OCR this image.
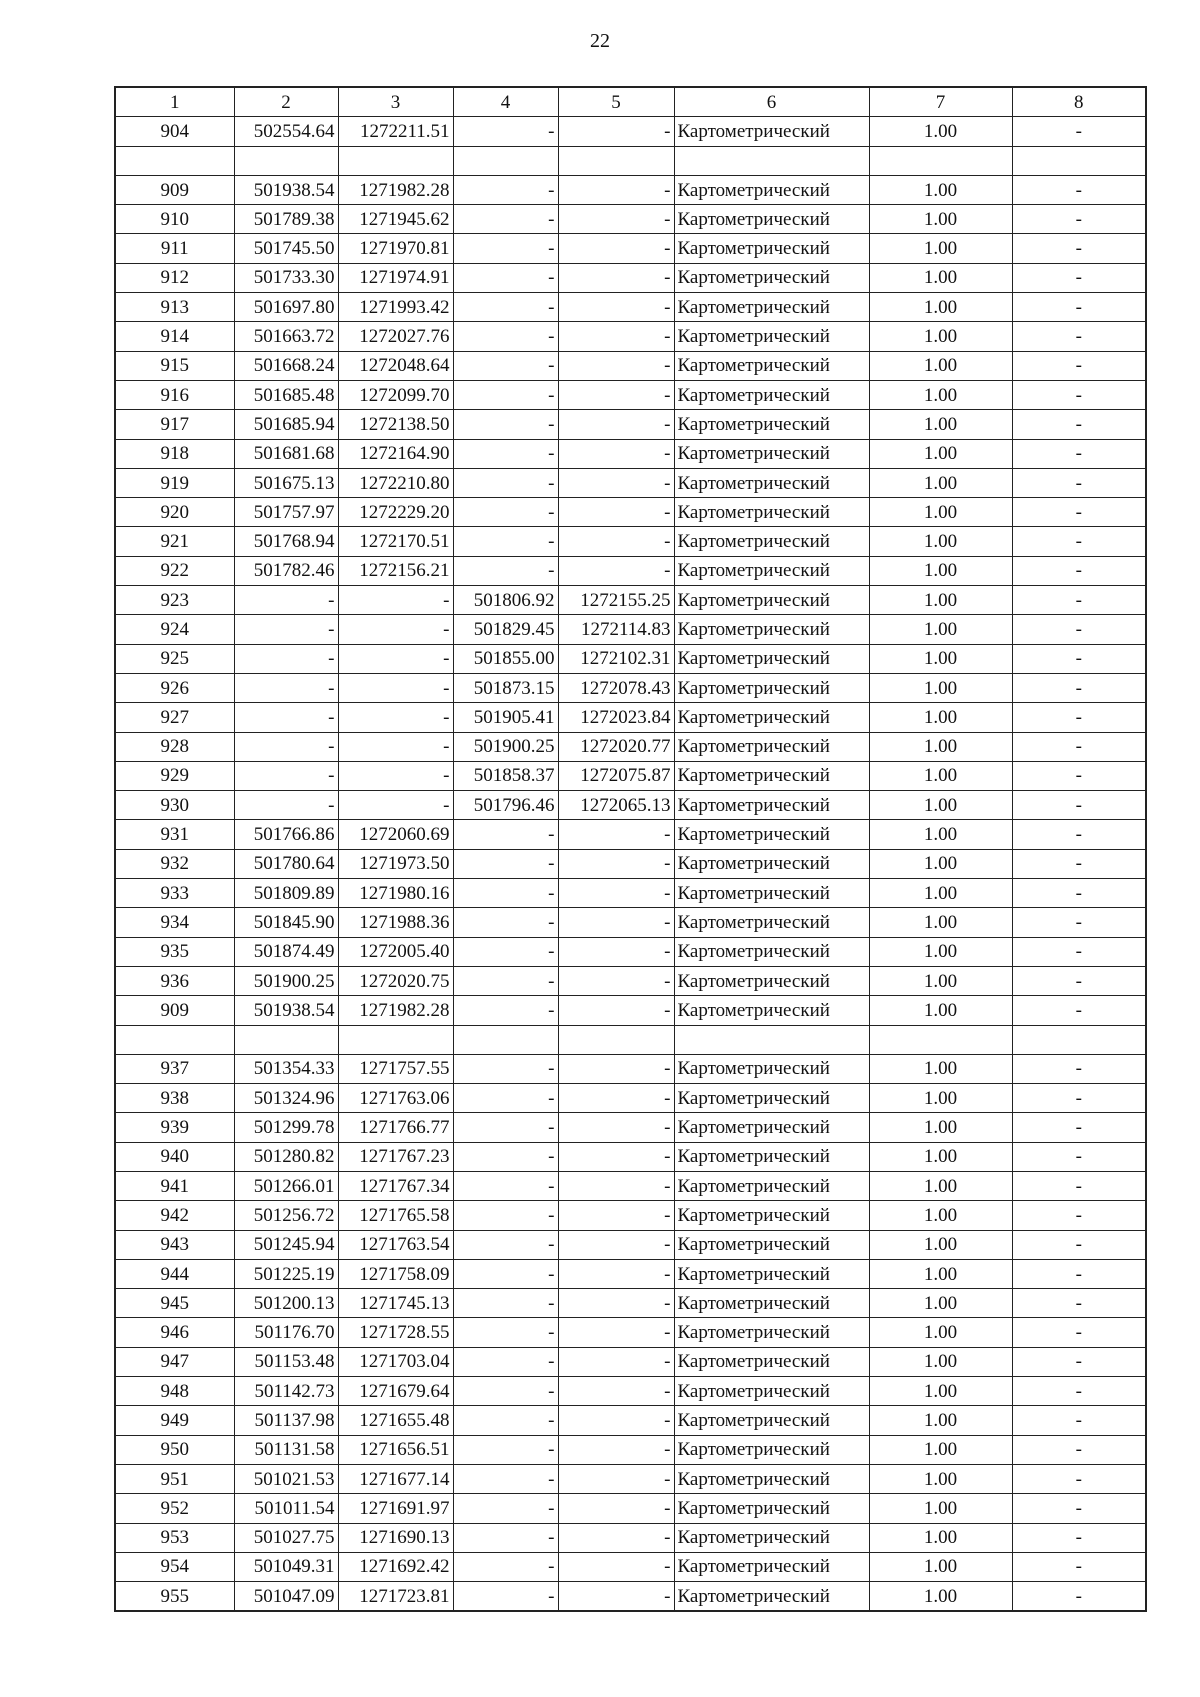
22
1	2	3	4	5	6	7	8
904	502554.64	1272211.51	-	-	Картометрический	1.00	-

909	501938.54	1271982.28	-	-	Картометрический	1.00	-
910	501789.38	1271945.62	-	-	Картометрический	1.00	-
911	501745.50	1271970.81	-	-	Картометрический	1.00	-
912	501733.30	1271974.91	-	-	Картометрический	1.00	-
913	501697.80	1271993.42	-	-	Картометрический	1.00	-
914	501663.72	1272027.76	-	-	Картометрический	1.00	-
915	501668.24	1272048.64	-	-	Картометрический	1.00	-
916	501685.48	1272099.70	-	-	Картометрический	1.00	-
917	501685.94	1272138.50	-	-	Картометрический	1.00	-
918	501681.68	1272164.90	-	-	Картометрический	1.00	-
919	501675.13	1272210.80	-	-	Картометрический	1.00	-
920	501757.97	1272229.20	-	-	Картометрический	1.00	-
921	501768.94	1272170.51	-	-	Картометрический	1.00	-
922	501782.46	1272156.21	-	-	Картометрический	1.00	-
923	-	-	501806.92	1272155.25	Картометрический	1.00	-
924	-	-	501829.45	1272114.83	Картометрический	1.00	-
925	-	-	501855.00	1272102.31	Картометрический	1.00	-
926	-	-	501873.15	1272078.43	Картометрический	1.00	-
927	-	-	501905.41	1272023.84	Картометрический	1.00	-
928	-	-	501900.25	1272020.77	Картометрический	1.00	-
929	-	-	501858.37	1272075.87	Картометрический	1.00	-
930	-	-	501796.46	1272065.13	Картометрический	1.00	-
931	501766.86	1272060.69	-	-	Картометрический	1.00	-
932	501780.64	1271973.50	-	-	Картометрический	1.00	-
933	501809.89	1271980.16	-	-	Картометрический	1.00	-
934	501845.90	1271988.36	-	-	Картометрический	1.00	-
935	501874.49	1272005.40	-	-	Картометрический	1.00	-
936	501900.25	1272020.75	-	-	Картометрический	1.00	-
909	501938.54	1271982.28	-	-	Картометрический	1.00	-

937	501354.33	1271757.55	-	-	Картометрический	1.00	-
938	501324.96	1271763.06	-	-	Картометрический	1.00	-
939	501299.78	1271766.77	-	-	Картометрический	1.00	-
940	501280.82	1271767.23	-	-	Картометрический	1.00	-
941	501266.01	1271767.34	-	-	Картометрический	1.00	-
942	501256.72	1271765.58	-	-	Картометрический	1.00	-
943	501245.94	1271763.54	-	-	Картометрический	1.00	-
944	501225.19	1271758.09	-	-	Картометрический	1.00	-
945	501200.13	1271745.13	-	-	Картометрический	1.00	-
946	501176.70	1271728.55	-	-	Картометрический	1.00	-
947	501153.48	1271703.04	-	-	Картометрический	1.00	-
948	501142.73	1271679.64	-	-	Картометрический	1.00	-
949	501137.98	1271655.48	-	-	Картометрический	1.00	-
950	501131.58	1271656.51	-	-	Картометрический	1.00	-
951	501021.53	1271677.14	-	-	Картометрический	1.00	-
952	501011.54	1271691.97	-	-	Картометрический	1.00	-
953	501027.75	1271690.13	-	-	Картометрический	1.00	-
954	501049.31	1271692.42	-	-	Картометрический	1.00	-
955	501047.09	1271723.81	-	-	Картометрический	1.00	-
